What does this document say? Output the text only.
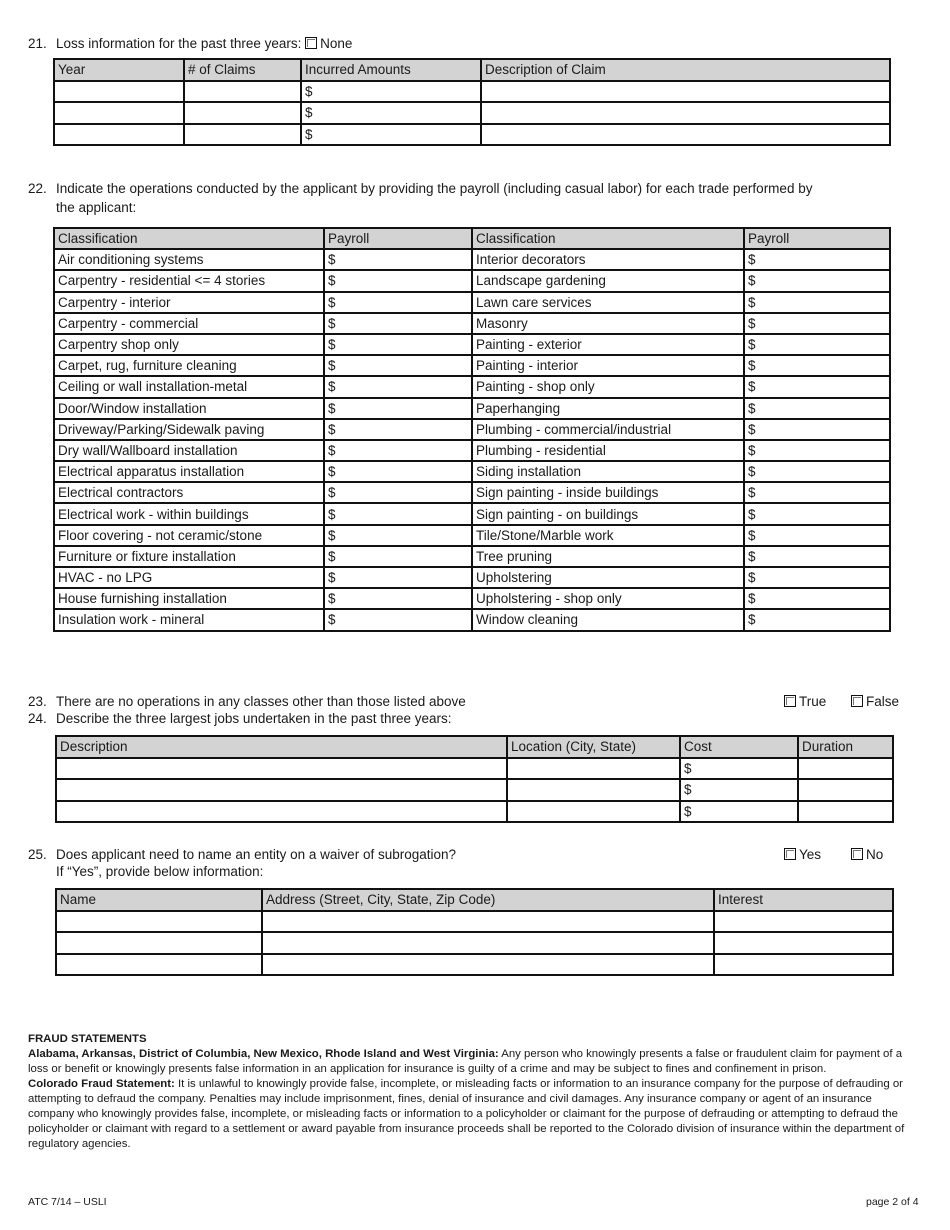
21. Loss information for the past three years: None
Year	# of Claims	Incurred Amounts	Description of Claim
		$	
		$	
		$	
22. Indicate the operations conducted by the applicant by providing the payroll (including casual labor) for each trade performed by
the applicant:
Classification	Payroll	Classification	Payroll
Air conditioning systems	$	Interior decorators	$
Carpentry - residential <= 4 stories	$	Landscape gardening	$
Carpentry - interior	$	Lawn care services	$
Carpentry - commercial	$	Masonry	$
Carpentry shop only	$	Painting - exterior	$
Carpet, rug, furniture cleaning	$	Painting - interior	$
Ceiling or wall installation-metal	$	Painting - shop only	$
Door/Window installation	$	Paperhanging	$
Driveway/Parking/Sidewalk paving	$	Plumbing - commercial/industrial	$
Dry wall/Wallboard installation	$	Plumbing - residential	$
Electrical apparatus installation	$	Siding installation	$
Electrical contractors	$	Sign painting - inside buildings	$
Electrical work - within buildings	$	Sign painting - on buildings	$
Floor covering - not ceramic/stone	$	Tile/Stone/Marble work	$
Furniture or fixture installation	$	Tree pruning	$
HVAC - no LPG	$	Upholstering	$
House furnishing installation	$	Upholstering - shop only	$
Insulation work - mineral	$	Window cleaning	$
23. There are no operations in any classes other than those listed above	True	False
24. Describe the three largest jobs undertaken in the past three years:
Description	Location (City, State)	Cost	Duration
		$	
		$	
		$	
25. Does applicant need to name an entity on a waiver of subrogation?
If “Yes”, provide below information:
Yes	No
Name	Address (Street, City, State, Zip Code)	Interest

FRAUD STATEMENTS

Alabama, Arkansas, District of Columbia, New Mexico, Rhode Island and West Virginia: Any person who knowingly presents a false or fraudulent claim for payment of a loss or benefit or knowingly presents false information in an application for insurance is guilty of a crime and may be subject to fines and confinement in prison.

Colorado Fraud Statement: It is unlawful to knowingly provide false, incomplete, or misleading facts or information to an insurance company for the purpose of defrauding or attempting to defraud the company. Penalties may include imprisonment, fines, denial of insurance and civil damages. Any insurance company or agent of an insurance company who knowingly provides false, incomplete, or misleading facts or information to a policyholder or claimant for the purpose of defrauding or attempting to defraud the policyholder or claimant with regard to a settlement or award payable from insurance proceeds shall be reported to the Colorado division of insurance within the department of regulatory agencies.

ATC 7/14 – USLI	page 2 of 4
